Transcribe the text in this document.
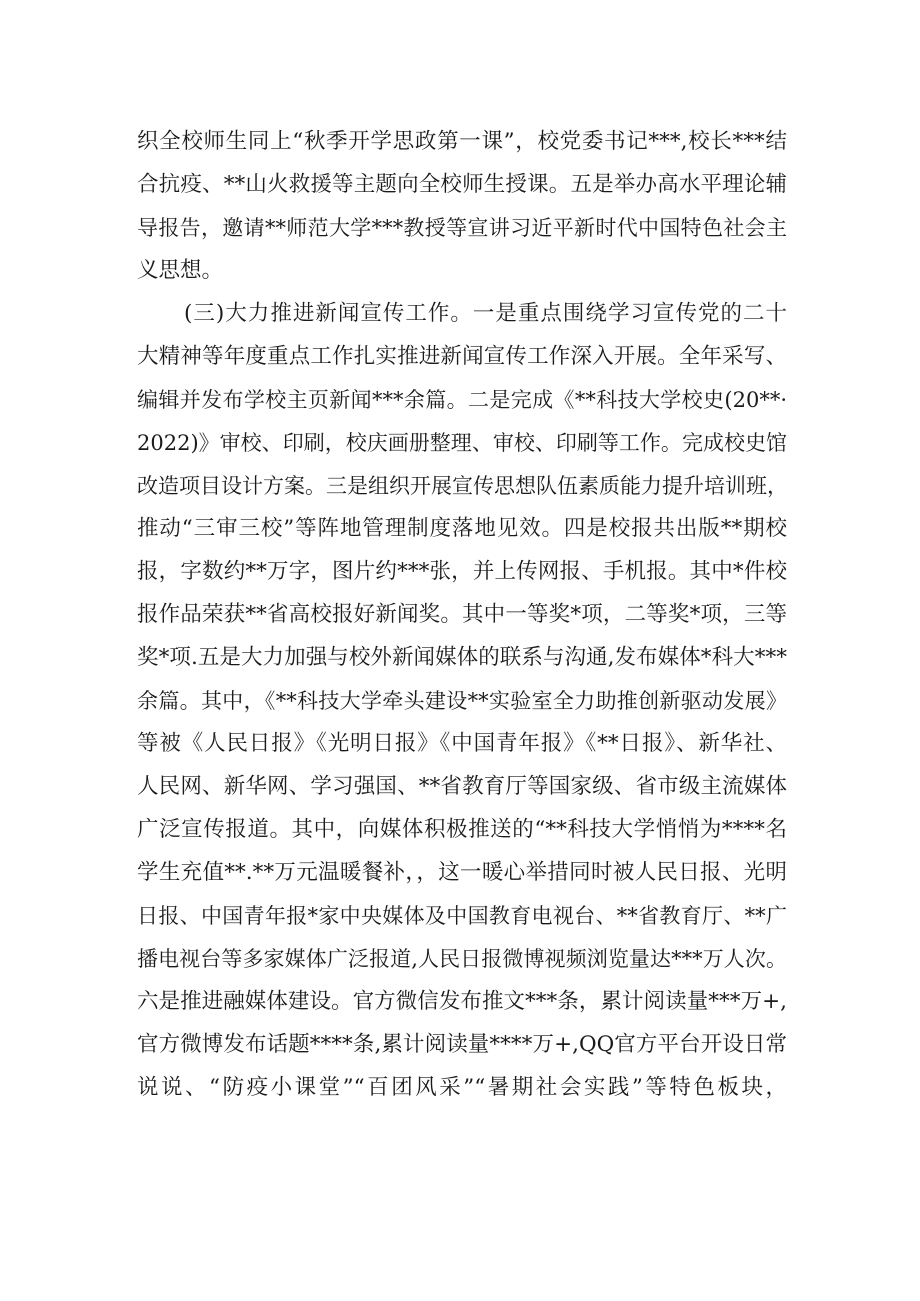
织全校师生同上“秋季开学思政第一课”，校党委书记***,校长***结
合抗疫、**山火救援等主题向全校师生授课。五是举办高水平理论辅
导报告，邀请**师范大学***教授等宣讲习近平新时代中国特色社会主
义思想。
(三)大力推进新闻宣传工作。一是重点围绕学习宣传党的二十
大精神等年度重点工作扎实推进新闻宣传工作深入开展。全年采写、
编辑并发布学校主页新闻***余篇。二是完成《**科技大学校史(20**·
2022)》审校、印刷，校庆画册整理、审校、印刷等工作。完成校史馆
改造项目设计方案。三是组织开展宣传思想队伍素质能力提升培训班，
推动“三审三校”等阵地管理制度落地见效。四是校报共出版**期校
报，字数约**万字，图片约***张，并上传网报、手机报。其中*件校
报作品荣获**省高校报好新闻奖。其中一等奖*项，二等奖*项，三等
奖*项.五是大力加强与校外新闻媒体的联系与沟通,发布媒体*科大***
余篇。其中，《**科技大学牵头建设**实验室全力助推创新驱动发展》
等被《人民日报》《光明日报》《中国青年报》《**日报》、新华社、
人民网、新华网、学习强国、**省教育厅等国家级、省市级主流媒体
广泛宣传报道。其中，向媒体积极推送的“**科技大学悄悄为****名
学生充值**.**万元温暖餐补，，这一暖心举措同时被人民日报、光明
日报、中国青年报*家中央媒体及中国教育电视台、**省教育厅、**广
播电视台等多家媒体广泛报道,人民日报微博视频浏览量达***万人次。
六是推进融媒体建设。官方微信发布推文***条，累计阅读量***万+,
官方微博发布话题****条,累计阅读量****万+,QQ官方平台开设日常
说说、“防疫小课堂”“百团风采”“暑期社会实践”等特色板块，
